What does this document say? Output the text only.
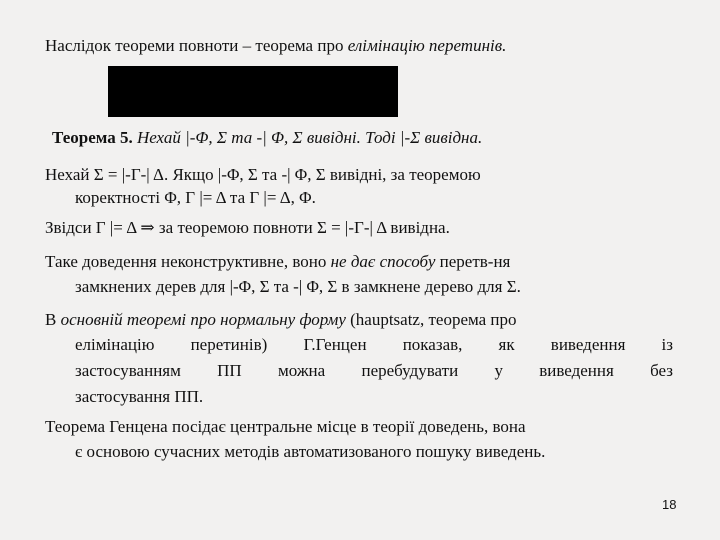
Наслідок теореми повноти – теорема про елімінацію перетинів.
Теорема 5. Нехай |-Φ, Σ та -| Φ, Σ вивідні. Тоді |-Σ вивідна.
Нехай Σ = |-Γ-| Δ. Якщо |-Φ, Σ та -| Φ, Σ вивідні, за теоремою
коректності Φ, Γ |= Δ та Γ |= Δ, Φ.
Звідси Γ |= Δ ⇒ за теоремою повноти Σ = |-Γ-| Δ вивідна.
Таке доведення неконструктивне, воно не дає способу перетв-ня
замкнених дерев для |-Φ, Σ та -| Φ, Σ в замкнене дерево для Σ.
В основній теоремі про нормальну форму (hauptsatz, теорема про
елімінацію перетинів) Г.Генцен показав, як виведення із
застосуванням ПП можна перебудувати у виведення без
застосування ПП.
Теорема Генцена посідає центральне місце в теорії доведень, вона
є основою сучасних методів автоматизованого пошуку виведень.
18
